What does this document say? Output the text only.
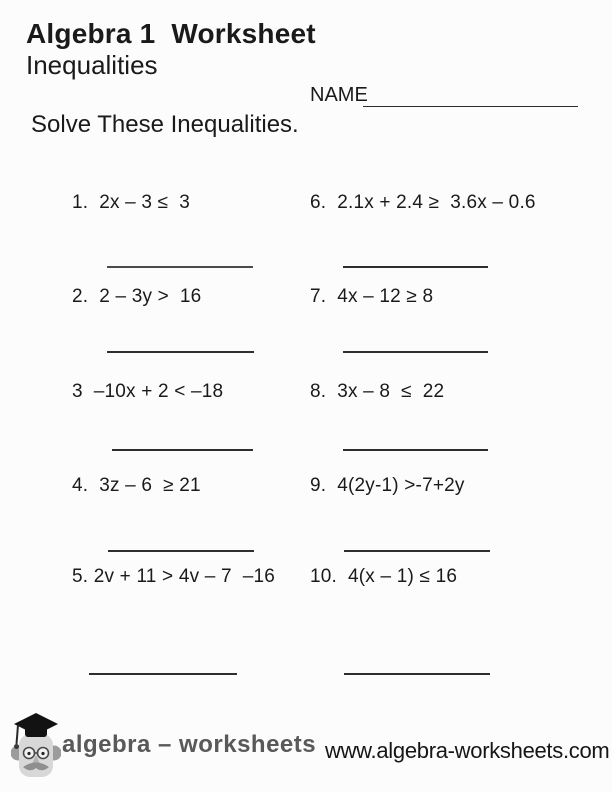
Algebra 1  Worksheet
Inequalities
NAME
Solve These Inequalities.
1.  2x – 3 ≤  3
2.  2 – 3y >  16
3  –10x + 2 < –18
4.  3z – 6  ≥ 21
5. 2v + 11 > 4v – 7  –16
6.  2.1x + 2.4 ≥  3.6x – 0.6
7.  4x – 12 ≥ 8
8.  3x – 8  ≤  22
9.  4(2y-1) >-7+2y
10.  4(x – 1) ≤ 16
algebra – worksheets www.algebra-worksheets.com
